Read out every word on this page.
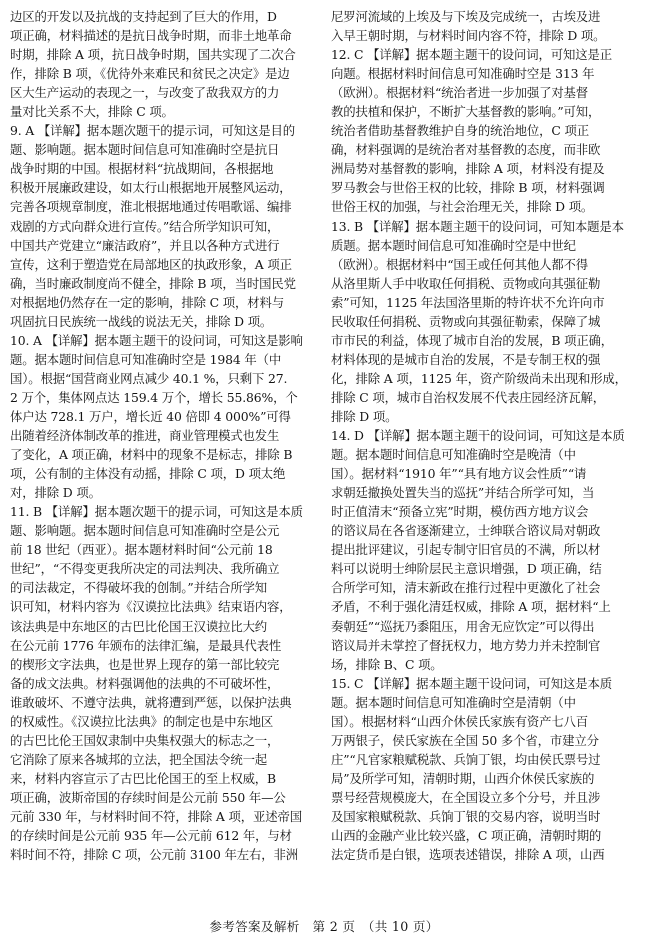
边区的开发以及抗战的支持起到了巨大的作用，D
项正确，材料描述的是抗日战争时期，而非土地革命
时期，排除 A 项，抗日战争时期，国共实现了二次合
作，排除 B 项，《优待外来难民和贫民之决定》是边
区大生产运动的表现之一，与改变了敌我双方的力
量对比关系不大，排除 C 项。
9. A 【详解】据本题次题干的提示词，可知这是目的
题、影响题。据本题时间信息可知准确时空是抗日
战争时期的中国。根据材料“抗战期间，各根据地
积极开展廉政建设，如太行山根据地开展整风运动，
完善各项规章制度，淮北根据地通过传唱歌谣、编排
戏剧的方式向群众进行宣传。”结合所学知识可知，
中国共产党建立“廉洁政府”，并且以各种方式进行
宣传，这利于塑造党在局部地区的执政形象，A 项正
确，当时廉政制度尚不健全，排除 B 项，当时国民党
对根据地仍然存在一定的影响，排除 C 项，材料与
巩固抗日民族统一战线的说法无关，排除 D 项。
10. A 【详解】据本题主题干的设问词，可知这是影响
题。据本题时间信息可知准确时空是 1984 年（中
国）。根据“国营商业网点减少 40.1 %，只剩下 27.
2 万个，集体网点达 159.4 万个，增长 55.86%，个
体户达 728.1 万户，增长近 40 倍即 4 000%”可得
出随着经济体制改革的推进，商业管理模式也发生
了变化，A 项正确，材料中的现象不是标志，排除 B
项，公有制的主体没有动摇，排除 C 项，D 项太绝
对，排除 D 项。
11. B 【详解】据本题次题干的提示词，可知这是本质
题、影响题。据本题时间信息可知准确时空是公元
前 18 世纪（西亚）。据本题材料时间“公元前 18
世纪”，“不得变更我所决定的司法判决、我所确立
的司法裁定，不得破坏我的创制。”并结合所学知
识可知，材料内容为《汉谟拉比法典》结束语内容，
该法典是中东地区的古巴比伦国王汉谟拉比大约
在公元前 1776 年颁布的法律汇编，是最具代表性
的楔形文字法典，也是世界上现存的第一部比较完
备的成文法典。材料强调他的法典的不可破坏性，
谁敢破坏、不遵守法典，就将遭到严惩，以保护法典
的权威性。《汉谟拉比法典》的制定也是中东地区
的古巴比伦王国奴隶制中央集权强大的标志之一，
它消除了原来各城邦的立法，把全国法令统一起
来，材料内容宣示了古巴比伦国王的至上权威，B
项正确，波斯帝国的存续时间是公元前 550 年—公
元前 330 年，与材料时间不符，排除 A 项，亚述帝国
的存续时间是公元前 935 年—公元前 612 年，与材
料时间不符，排除 C 项，公元前 3100 年左右，非洲
尼罗河流域的上埃及与下埃及完成统一，古埃及进
入早王朝时期，与材料时间内容不符，排除 D 项。
12. C 【详解】据本题主题干的设问词，可知这是正
向题。根据材料时间信息可知准确时空是 313 年
（欧洲）。根据材料“统治者进一步加强了对基督
教的扶植和保护，不断扩大基督教的影响。”可知，
统治者借助基督教维护自身的统治地位，C 项正
确，材料强调的是统治者对基督教的态度，而非欧
洲局势对基督教的影响，排除 A 项，材料没有提及
罗马教会与世俗王权的比较，排除 B 项，材料强调
世俗王权的加强，与社会治理无关，排除 D 项。
13. B 【详解】据本题主题干的设问词，可知本题是本
质题。据本题时间信息可知准确时空是中世纪
（欧洲）。根据材料中“国王或任何其他人都不得
从洛里斯人手中收取任何捐税、贡物或向其强征勒
索”可知，1125 年法国洛里斯的特许状不允许向市
民收取任何捐税、贡物或向其强征勒索，保障了城
市市民的利益，体现了城市自治的发展，B 项正确，
材料体现的是城市自治的发展，不是专制王权的强
化，排除 A 项，1125 年，资产阶级尚未出现和形成，
排除 C 项，城市自治权发展不代表庄园经济瓦解，
排除 D 项。
14. D 【详解】据本题主题干的设问词，可知这是本质
题。据本题时间信息可知准确时空是晚清（中
国）。据材料“1910 年”“具有地方议会性质”“请
求朝廷撤换处置失当的巡抚”并结合所学可知，当
时正值清末“预备立宪”时期，模仿西方地方议会
的谘议局在各省逐渐建立，士绅联合谘议局对朝政
提出批评建议，引起专制守旧官员的不满，所以材
料可以说明士绅阶层民主意识增强，D 项正确，结
合所学可知，清末新政在推行过程中更激化了社会
矛盾，不利于强化清廷权威，排除 A 项，据材料“上
奏朝廷”“巡抚乃黍阻压，用舍无应饮定”可以得出
谘议局并未掌控了督抚权力，地方势力并未控制官
场，排除 B、C 项。
15. C 【详解】据本题主题干设问词，可知这是本质
题。据本题时间信息可知准确时空是清朝（中
国）。根据材料“山西介休侯氏家族有资产七八百
万两银子，侯氏家族在全国 50 多个省，市建立分
庄”“凡官家粮赋税款、兵饷丁银，均由侯氏票号过
局”及所学可知，清朝时期，山西介休侯氏家族的
票号经营规模庞大，在全国设立多个分号，并且涉
及国家粮赋税款、兵饷丁银的交易内容，说明当时
山西的金融产业比较兴盛，C 项正确，清朝时期的
法定货币是白银，选项表述错误，排除 A 项，山西
参考答案及解析　第 2 页　（共 10 页）
